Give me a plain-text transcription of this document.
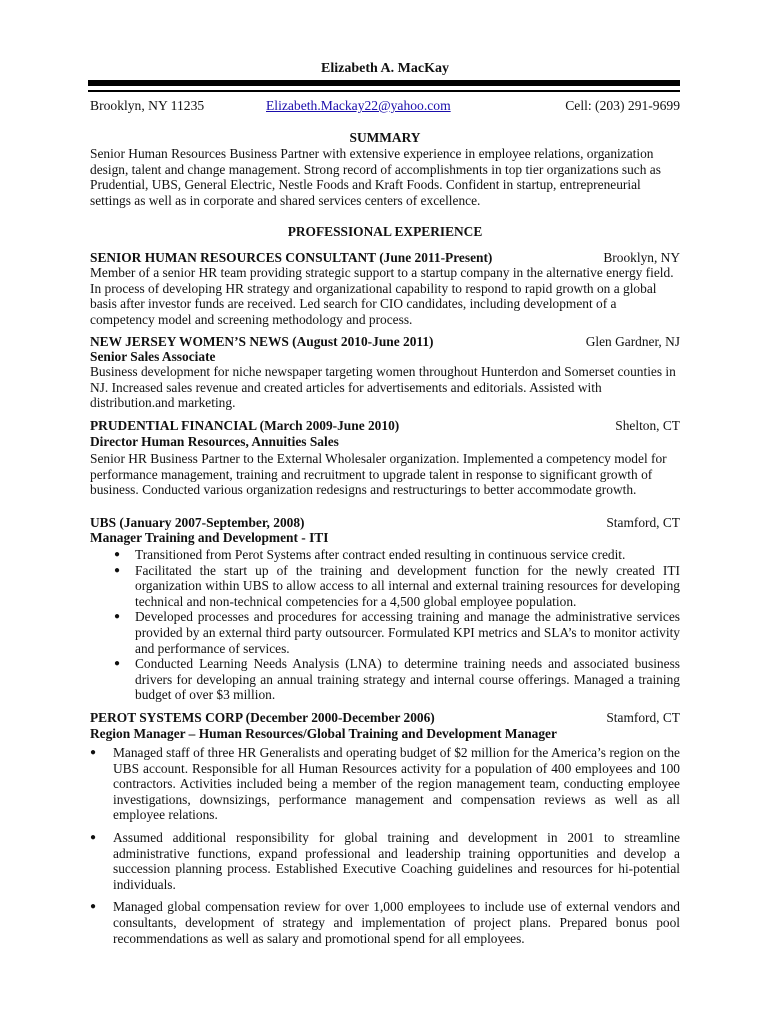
Elizabeth A. MacKay
Brooklyn, NY 11235	Elizabeth.Mackay22@yahoo.com	Cell: (203) 291-9699
SUMMARY
Senior Human Resources Business Partner with extensive experience in employee relations, organization design, talent and change management. Strong record of accomplishments in top tier organizations such as Prudential, UBS, General Electric, Nestle Foods and Kraft Foods. Confident in startup, entrepreneurial settings as well as in corporate and shared services centers of excellence.
PROFESSIONAL EXPERIENCE
SENIOR HUMAN RESOURCES CONSULTANT (June 2011-Present)	Brooklyn, NY
Member of a senior HR team providing strategic support to a startup company in the alternative energy field. In process of developing HR strategy and organizational capability to respond to rapid growth on a global basis after investor funds are received. Led search for CIO candidates, including development of a competency model and screening methodology and process.
NEW JERSEY WOMEN’S NEWS (August 2010-June 2011)	Glen Gardner, NJ
Senior Sales Associate
Business development for niche newspaper targeting women throughout Hunterdon and Somerset counties in NJ. Increased sales revenue and created articles for advertisements and editorials. Assisted with distribution.and marketing.
PRUDENTIAL FINANCIAL (March 2009-June 2010)	Shelton, CT
Director Human Resources, Annuities Sales
Senior HR Business Partner to the External Wholesaler organization. Implemented a competency model for performance management, training and recruitment to upgrade talent in response to significant growth of business. Conducted various organization redesigns and restructurings to better accommodate growth.
UBS (January 2007-September, 2008)	Stamford, CT
Manager Training and Development - ITI
● Transitioned from Perot Systems after contract ended resulting in continuous service credit.
● Facilitated the start up of the training and development function for the newly created ITI organization within UBS to allow access to all internal and external training resources for developing technical and non-technical competencies for a 4,500 global employee population.
● Developed processes and procedures for accessing training and manage the administrative services provided by an external third party outsourcer. Formulated KPI metrics and SLA’s to monitor activity and performance of services.
● Conducted Learning Needs Analysis (LNA) to determine training needs and associated business drivers for developing an annual training strategy and internal course offerings. Managed a training budget of over $3 million.
PEROT SYSTEMS CORP (December 2000-December 2006)	Stamford, CT
Region Manager – Human Resources/Global Training and Development Manager
● Managed staff of three HR Generalists and operating budget of $2 million for the America’s region on the UBS account. Responsible for all Human Resources activity for a population of 400 employees and 100 contractors. Activities included being a member of the region management team, conducting employee investigations, downsizings, performance management and compensation reviews as well as all employee relations.
● Assumed additional responsibility for global training and development in 2001 to streamline administrative functions, expand professional and leadership training opportunities and develop a succession planning process. Established Executive Coaching guidelines and resources for hi-potential individuals.
● Managed global compensation review for over 1,000 employees to include use of external vendors and consultants, development of strategy and implementation of project plans. Prepared bonus pool recommendations as well as salary and promotional spend for all employees.
